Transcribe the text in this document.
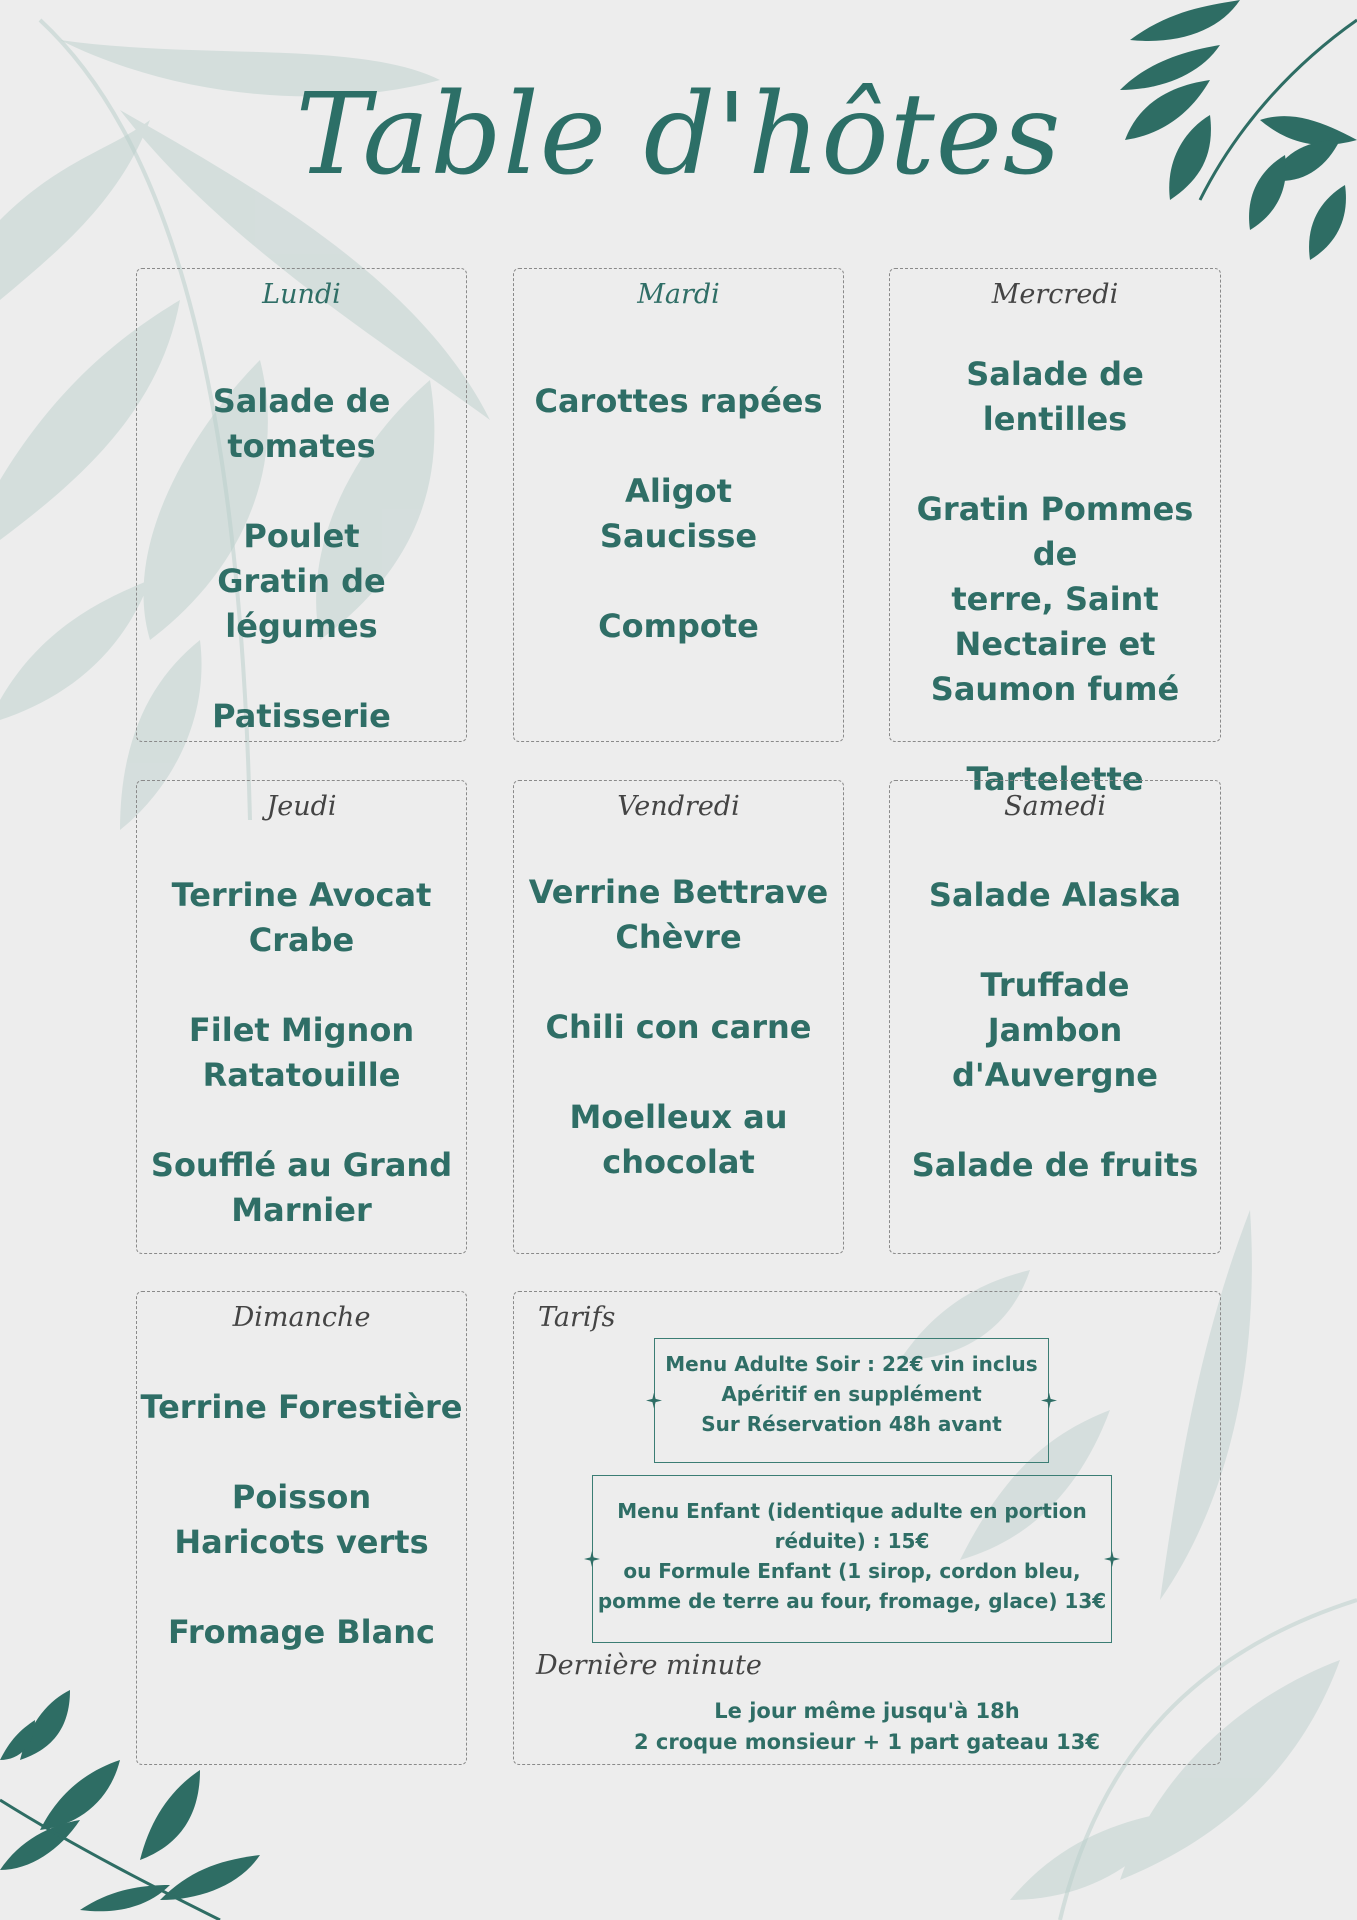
Table d'hôtes
Lundi
Salade de tomates
Poulet
Gratin de légumes
Patisserie
Mardi
Carottes rapées
Aligot
Saucisse
Compote
Mercredi
Salade de lentilles
Gratin Pommes de
terre, Saint
Nectaire et
Saumon fumé
Tartelette
Jeudi
Terrine Avocat
Crabe
Filet Mignon
Ratatouille
Soufflé au Grand
Marnier
Vendredi
Verrine Bettrave
Chèvre
Chili con carne
Moelleux au
chocolat
Samedi
Salade Alaska
Truffade
Jambon
d'Auvergne
Salade de fruits
Dimanche
Terrine Forestière
Poisson
Haricots verts
Fromage Blanc
Tarifs
Menu Adulte Soir : 22€ vin inclus
Apéritif en supplément
Sur Réservation 48h avant
Menu Enfant (identique adulte en portion
réduite) : 15€
ou Formule Enfant (1 sirop, cordon bleu,
pomme de terre au four, fromage, glace) 13€
Dernière minute
Le jour même jusqu'à 18h
2 croque monsieur + 1 part gateau 13€
